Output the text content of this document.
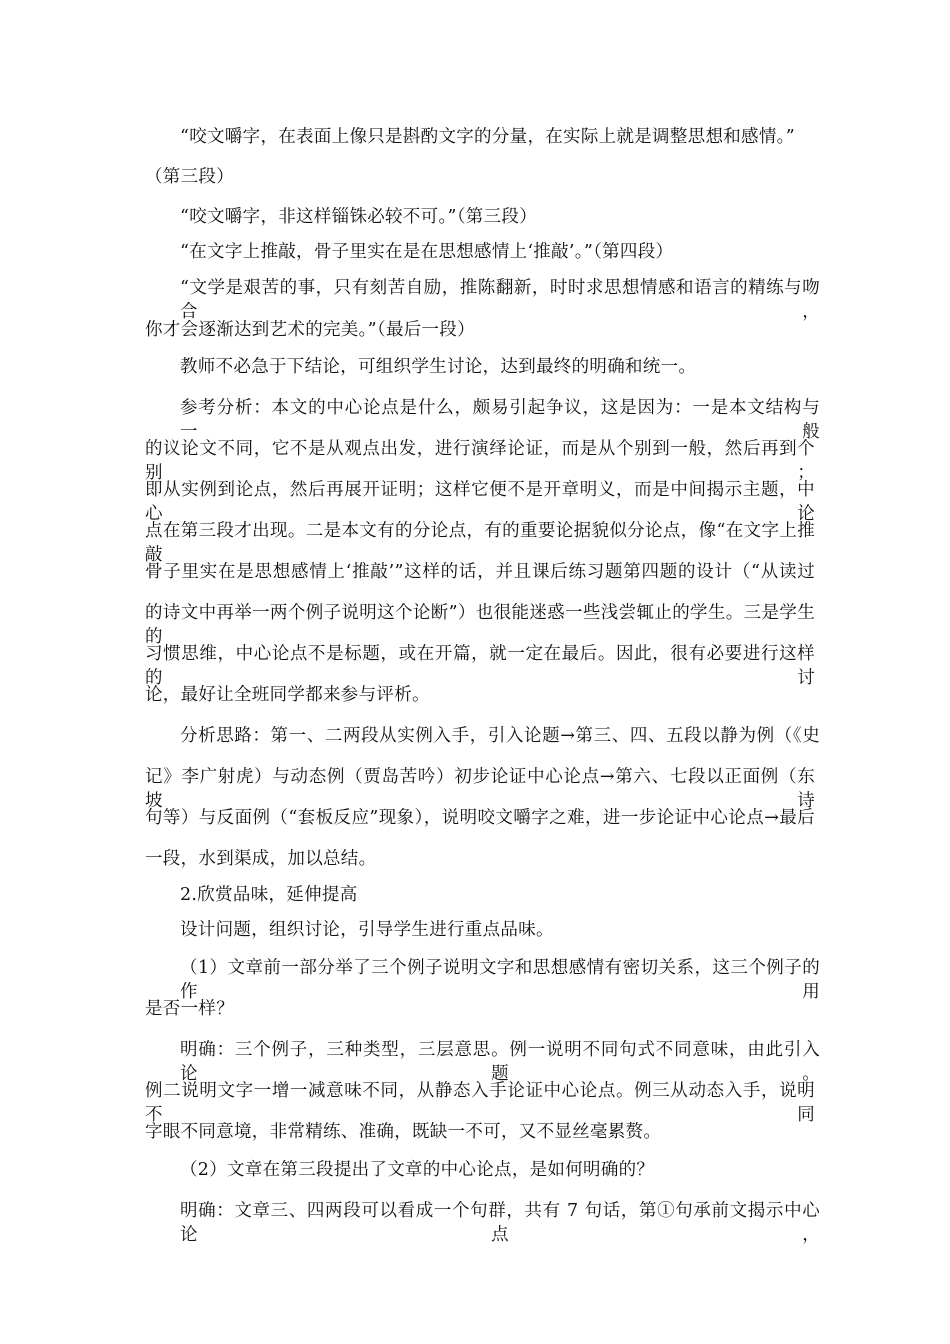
“咬文嚼字，在表面上像只是斟酌文字的分量，在实际上就是调整思想和感情。”
（第三段）
“咬文嚼字，非这样锱铢必较不可。”（第三段）
“在文字上推敲，骨子里实在是在思想感情上‘推敲’。”（第四段）
“文学是艰苦的事，只有刻苦自励，推陈翻新，时时求思想情感和语言的精练与吻合，
你才会逐渐达到艺术的完美。”（最后一段）
教师不必急于下结论，可组织学生讨论，达到最终的明确和统一。
参考分析：本文的中心论点是什么，颇易引起争议，这是因为：一是本文结构与一般
的议论文不同，它不是从观点出发，进行演绎论证，而是从个别到一般，然后再到个别；
即从实例到论点，然后再展开证明；这样它便不是开章明义，而是中间揭示主题，中心论
点在第三段才出现。二是本文有的分论点，有的重要论据貌似分论点，像“在文字上推敲
骨子里实在是思想感情上‘推敲’”这样的话，并且课后练习题第四题的设计（“从读过
的诗文中再举一两个例子说明这个论断”）也很能迷惑一些浅尝辄止的学生。三是学生的
习惯思维，中心论点不是标题，或在开篇，就一定在最后。因此，很有必要进行这样的讨
论，最好让全班同学都来参与评析。
分析思路：第一、二两段从实例入手，引入论题→第三、四、五段以静为例（《史
记》李广射虎）与动态例（贾岛苦吟）初步论证中心论点→第六、七段以正面例（东坡诗
句等）与反面例（“套板反应”现象），说明咬文嚼字之难，进一步论证中心论点→最后
一段，水到渠成，加以总结。
2.欣赏品味，延伸提高
设计问题，组织讨论，引导学生进行重点品味。
（1）文章前一部分举了三个例子说明文字和思想感情有密切关系，这三个例子的作用
是否一样？
明确：三个例子，三种类型，三层意思。例一说明不同句式不同意味，由此引入论题。
例二说明文字一增一减意味不同，从静态入手论证中心论点。例三从动态入手，说明不同
字眼不同意境，非常精练、准确，既缺一不可，又不显丝毫累赘。
（2）文章在第三段提出了文章的中心论点，是如何明确的？
明确：文章三、四两段可以看成一个句群，共有 7 句话，第①句承前文揭示中心论点，
